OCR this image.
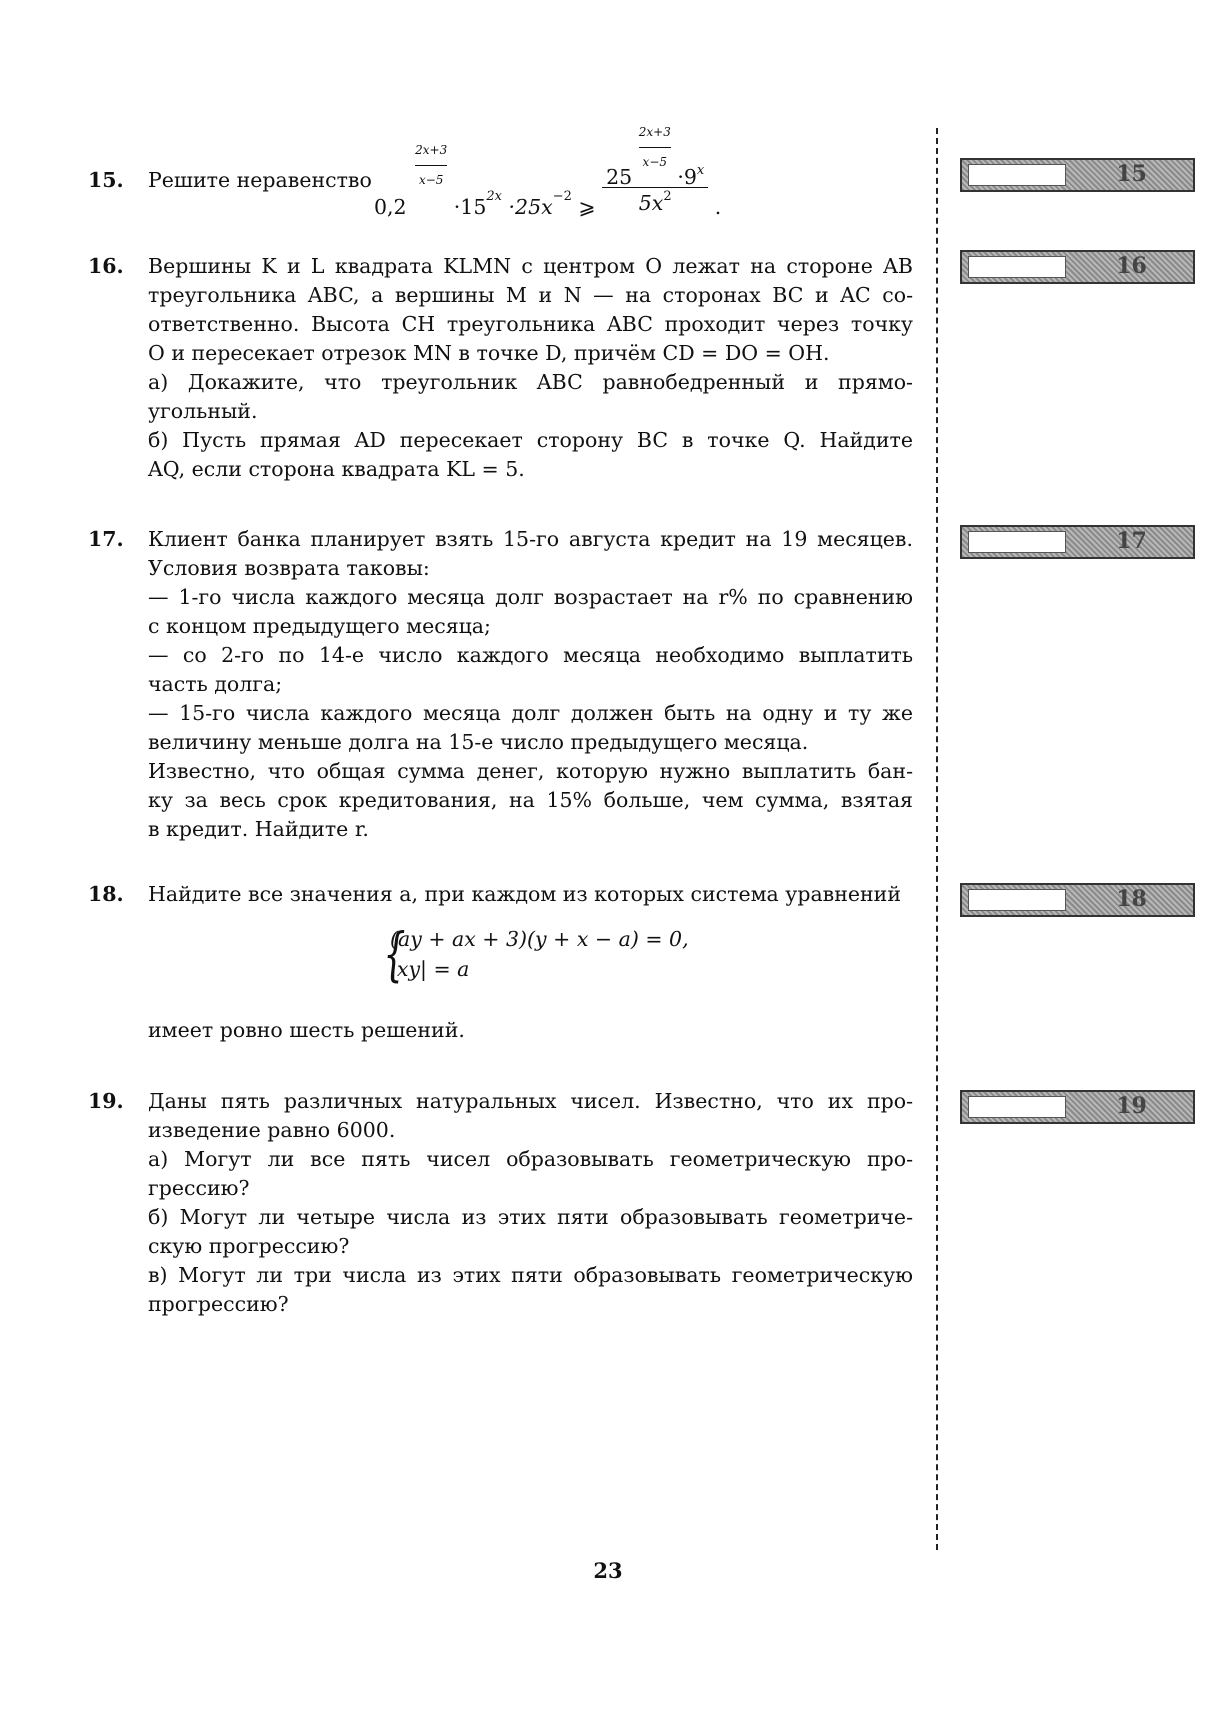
15
16
17
18
19
15. Решите неравенство
0,2
$\frac{2x+3}{x-5}$
$\cdot 15_{2x} \cdot 25x_{-2}$ ⩾
$25 \frac{2x+3}{x-5} \cdot 9x$
$5x^2$	.
16. Вершины K и L квадрата KLMN с центром O лежат на стороне AB

треугольника ABC, а вершины M и N — на сторонах BC и AC со-

ответственно. Высота CH треугольника ABC проходит через точку

O и пересекает отрезок MN в точке D, причём CD = DO = OH.

а) Докажите, что треугольник ABC равнобедренный и прямо-

угольный.

б) Пусть прямая AD пересекает сторону BC в точке Q. Найдите

AQ, если сторона квадрата KL = 5.

17. Клиент банка планирует взять 15-го августа кредит на 19 месяцев.

Условия возврата таковы:

— 1-го числа каждого месяца долг возрастает на r% по сравнению

с концом предыдущего месяца;

— со 2-го по 14-е число каждого месяца необходимо выплатить

часть долга;

— 15-го числа каждого месяца долг должен быть на одну и ту же

величину меньше долга на 15-е число предыдущего месяца.

Известно, что общая сумма денег, которую нужно выплатить бан-

ку за весь срок кредитования, на 15% больше, чем сумма, взятая

в кредит. Найдите r.

18. Найдите все значения a, при каждом из которых система уравнений

{
(ay + ax + 3)(y + x − a) = 0,
|xy| = a

имеет ровно шесть решений.

19. Даны пять различных натуральных чисел. Известно, что их про-

изведение равно 6000.

а) Могут ли все пять чисел образовывать геометрическую про-

грессию?

б) Могут ли четыре числа из этих пяти образовывать геометриче-

скую прогрессию?

в) Могут ли три числа из этих пяти образовывать геометрическую

прогрессию?

23
